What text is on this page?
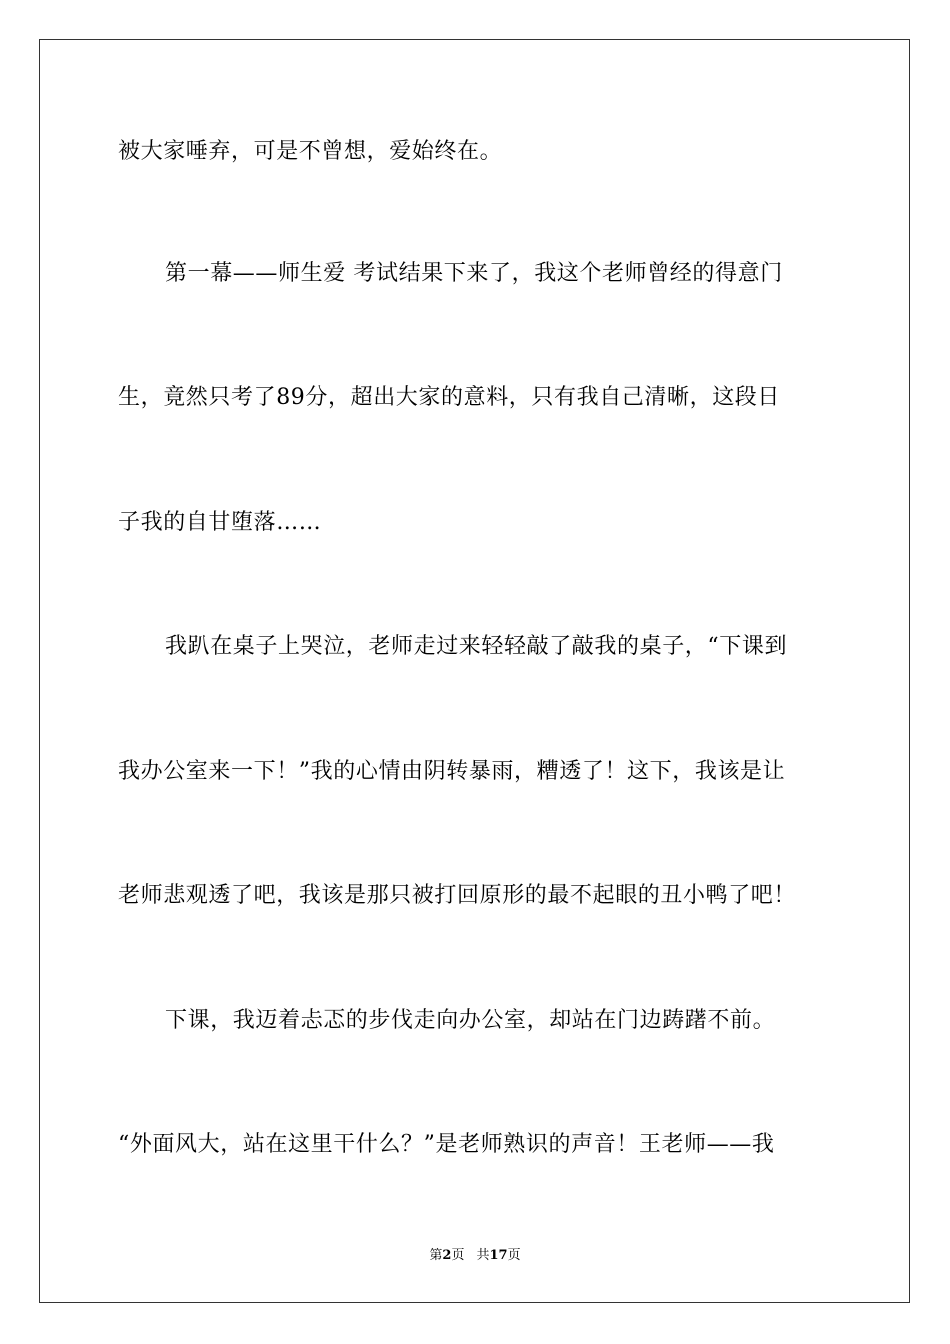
被大家唾弃，可是不曾想，爱始终在。
第一幕——师生爱 考试结果下来了，我这个老师曾经的得意门
生，竟然只考了89分，超出大家的意料，只有我自己清晰，这段日
子我的自甘堕落……
我趴在桌子上哭泣，老师走过来轻轻敲了敲我的桌子，“下课到
我办公室来一下！”我的心情由阴转暴雨，糟透了！这下，我该是让
老师悲观透了吧，我该是那只被打回原形的最不起眼的丑小鸭了吧！
下课，我迈着忐忑的步伐走向办公室，却站在门边踌躇不前。
“外面风大，站在这里干什么？”是老师熟识的声音！王老师——我
第2页 共17页
